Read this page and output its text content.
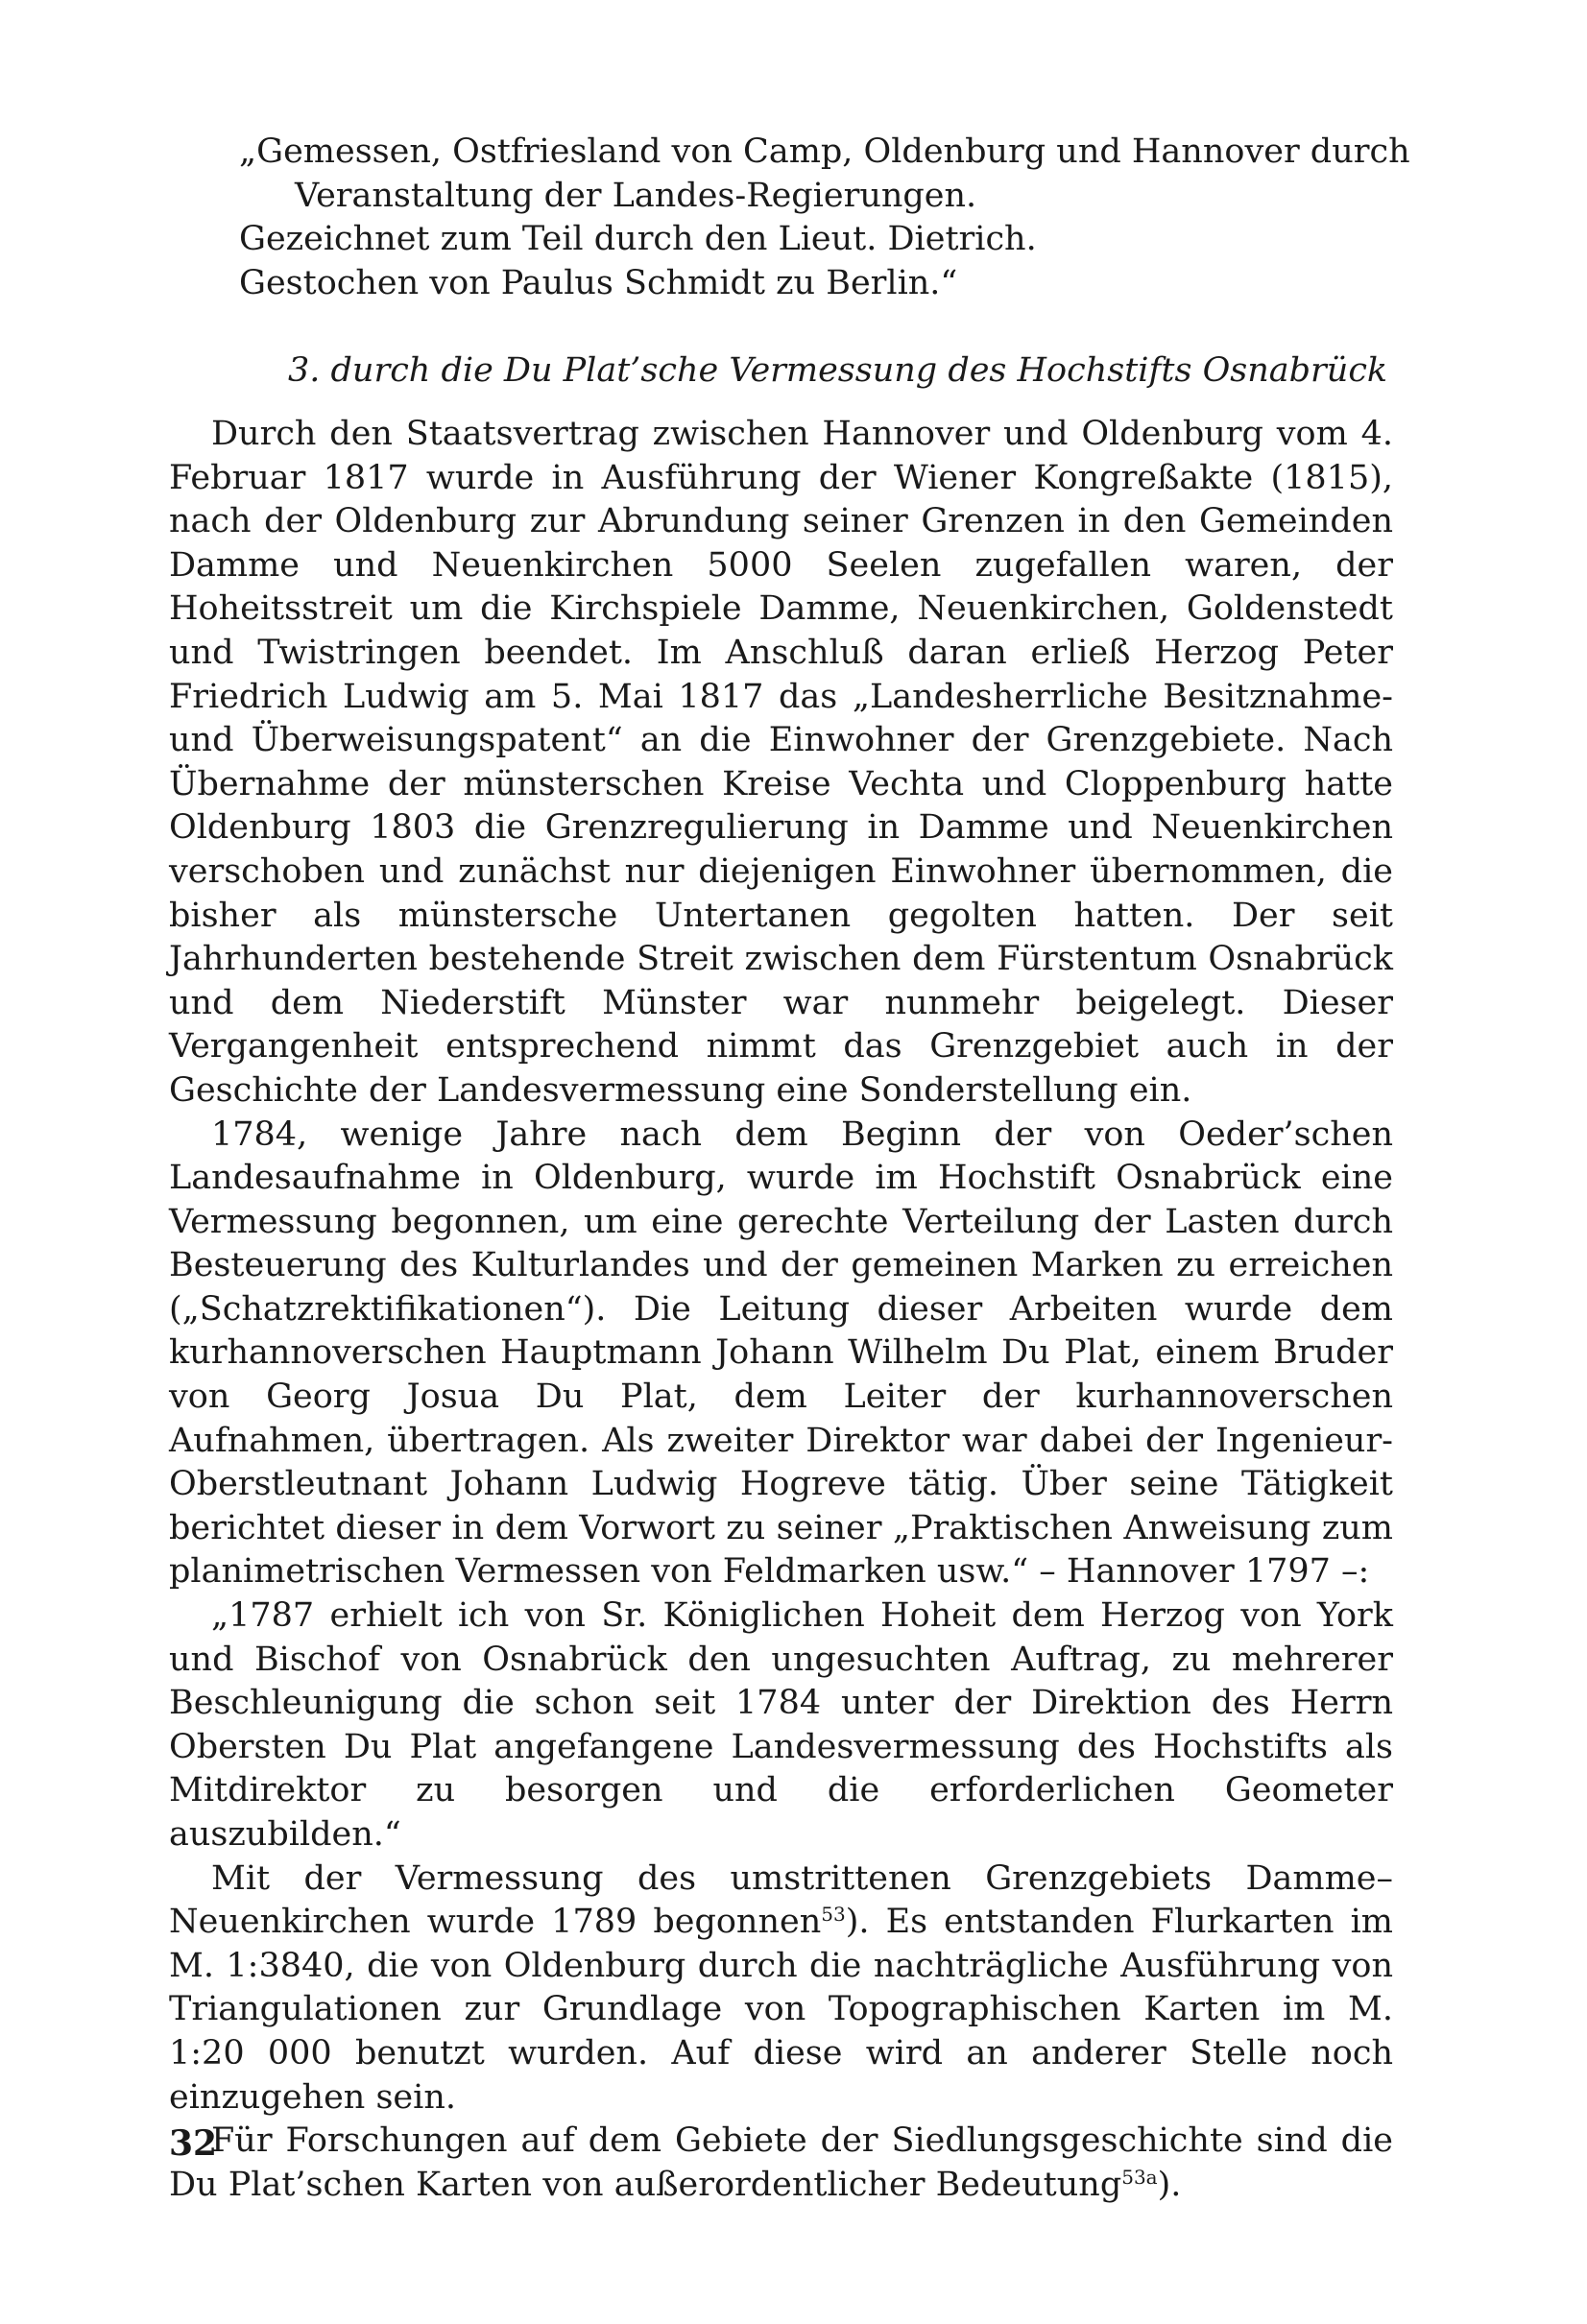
„Gemessen, Ostfriesland von Camp, Oldenburg und Hannover durch
Veranstaltung der Landes-Regierungen.
Gezeichnet zum Teil durch den Lieut. Dietrich.
Gestochen von Paulus Schmidt zu Berlin.“
3. durch die Du Plat’sche Vermessung des Hochstifts Osnabrück

Durch den Staatsvertrag zwischen Hannover und Oldenburg vom 4. Februar 1817 wurde in Ausführung der Wiener Kongreßakte (1815), nach der Oldenburg zur Abrundung seiner Grenzen in den Gemeinden Damme und Neuenkirchen 5000 Seelen zugefallen waren, der Hoheitsstreit um die Kirchspiele Damme, Neuenkirchen, Goldenstedt und Twistringen beendet. Im Anschluß daran erließ Herzog Peter Friedrich Ludwig am 5. Mai 1817 das „Landesherrliche Besitznahme- und Überweisungspatent“ an die Einwohner der Grenzgebiete. Nach Übernahme der münsterschen Kreise Vechta und Cloppenburg hatte Oldenburg 1803 die Grenzregulierung in Damme und Neuenkirchen verschoben und zunächst nur diejenigen Einwohner übernommen, die bisher als münstersche Untertanen gegolten hatten. Der seit Jahrhunderten bestehende Streit zwischen dem Fürstentum Osnabrück und dem Niederstift Münster war nunmehr beigelegt. Dieser Vergangenheit entsprechend nimmt das Grenzgebiet auch in der Geschichte der Landesvermessung eine Sonderstellung ein.

1784, wenige Jahre nach dem Beginn der von Oeder’schen Landesaufnahme in Oldenburg, wurde im Hochstift Osnabrück eine Vermessung begonnen, um eine gerechte Verteilung der Lasten durch Besteuerung des Kulturlandes und der gemeinen Marken zu erreichen („Schatzrektifikationen“). Die Leitung dieser Arbeiten wurde dem kurhannoverschen Hauptmann Johann Wilhelm Du Plat, einem Bruder von Georg Josua Du Plat, dem Leiter der kurhannoverschen Aufnahmen, übertragen. Als zweiter Direktor war dabei der Ingenieur-Oberstleutnant Johann Ludwig Hogreve tätig. Über seine Tätigkeit berichtet dieser in dem Vorwort zu seiner „Praktischen Anweisung zum planimetrischen Vermessen von Feldmarken usw.“ – Hannover 1797 –:

„1787 erhielt ich von Sr. Königlichen Hoheit dem Herzog von York und Bischof von Osnabrück den ungesuchten Auftrag, zu mehrerer Beschleunigung die schon seit 1784 unter der Direktion des Herrn Obersten Du Plat angefangene Landesvermessung des Hochstifts als Mitdirektor zu besorgen und die erforderlichen Geometer auszubilden.“

Mit der Vermessung des umstrittenen Grenzgebiets Damme–Neuenkirchen wurde 1789 begonnen$^{53}$). Es entstanden Flurkarten im M. 1:3840, die von Oldenburg durch die nachträgliche Ausführung von Triangulationen zur Grundlage von Topographischen Karten im M. 1:20 000 benutzt wurden. Auf diese wird an anderer Stelle noch einzugehen sein.

Für Forschungen auf dem Gebiete der Siedlungsgeschichte sind die Du Plat’schen Karten von außerordentlicher Bedeutung$^{53a}$).

32
